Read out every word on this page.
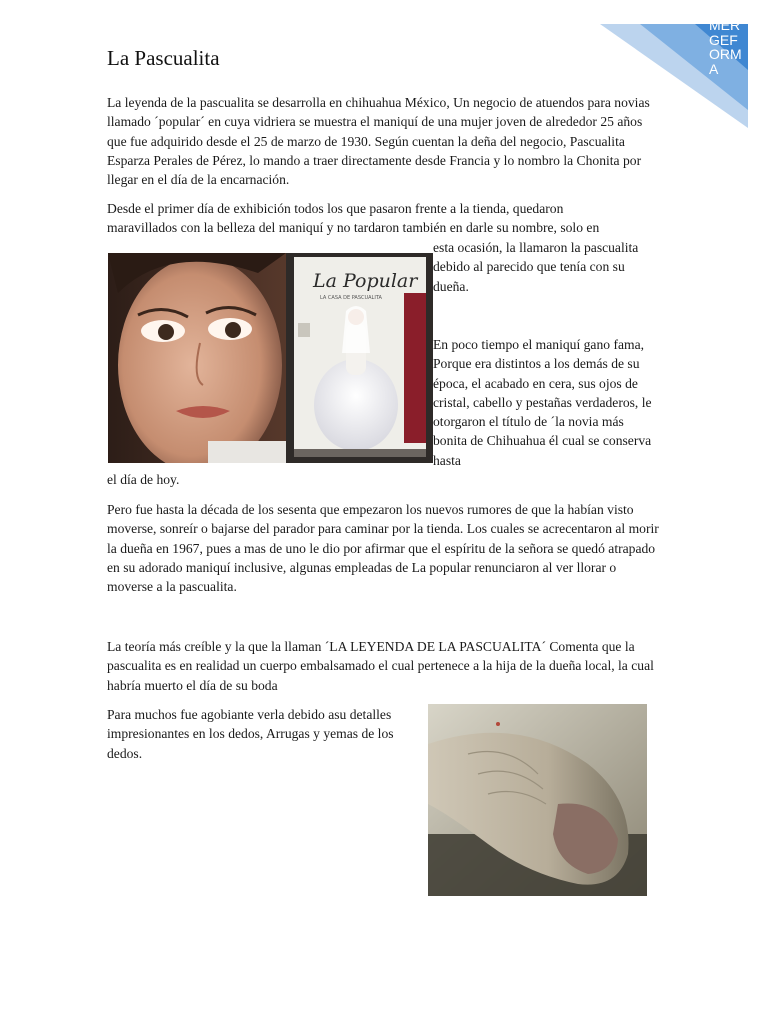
MERGEFORMA
La Pascualita

La leyenda de la pascualita se desarrolla en chihuahua México, Un negocio de atuendos para novias llamado ´popular´ en cuya vidriera se muestra el maniquí de una mujer joven de alrededor 25 años que fue adquirido desde el 25 de marzo de 1930. Según cuentan la deña del negocio, Pascualita Esparza Perales de Pérez, lo mando a traer directamente desde Francia y lo nombro la Chonita por llegar en el día de la encarnación.

Desde el primer día de exhibición todos los que pasaron frente a la tienda, quedaron

maravillados con la belleza del maniquí y no tardaron también en darle su nombre, solo en

esta ocasión, la llamaron la pascualita debido al parecido que tenía con su dueña.

La Popular
LA CASA DE PASCUALITA

En poco tiempo el maniquí gano fama, Porque era distintos a los demás de su época, el acabado en cera, sus ojos de cristal, cabello y pestañas verdaderos, le otorgaron el título de ´la novia más bonita de Chihuahua él cual se conserva hasta

el día de hoy.

Pero fue hasta la década de los sesenta que empezaron los nuevos rumores de que la habían visto moverse, sonreír o bajarse del parador para caminar por la tienda. Los cuales se acrecentaron al morir la dueña en 1967, pues a mas de uno le dio por afirmar que el espíritu de la señora se quedó atrapado en su adorado maniquí inclusive, algunas empleadas de La popular renunciaron al ver llorar o moverse a la pascualita.

La teoría más creíble y la que la llaman ´LA LEYENDA DE LA PASCUALITA´ Comenta que la pascualita es en realidad un cuerpo embalsamado el cual pertenece a la hija de la dueña local, la cual habría muerto el día de su boda

Para muchos fue agobiante verla debido asu detalles impresionantes en los dedos, Arrugas y yemas de los dedos.
